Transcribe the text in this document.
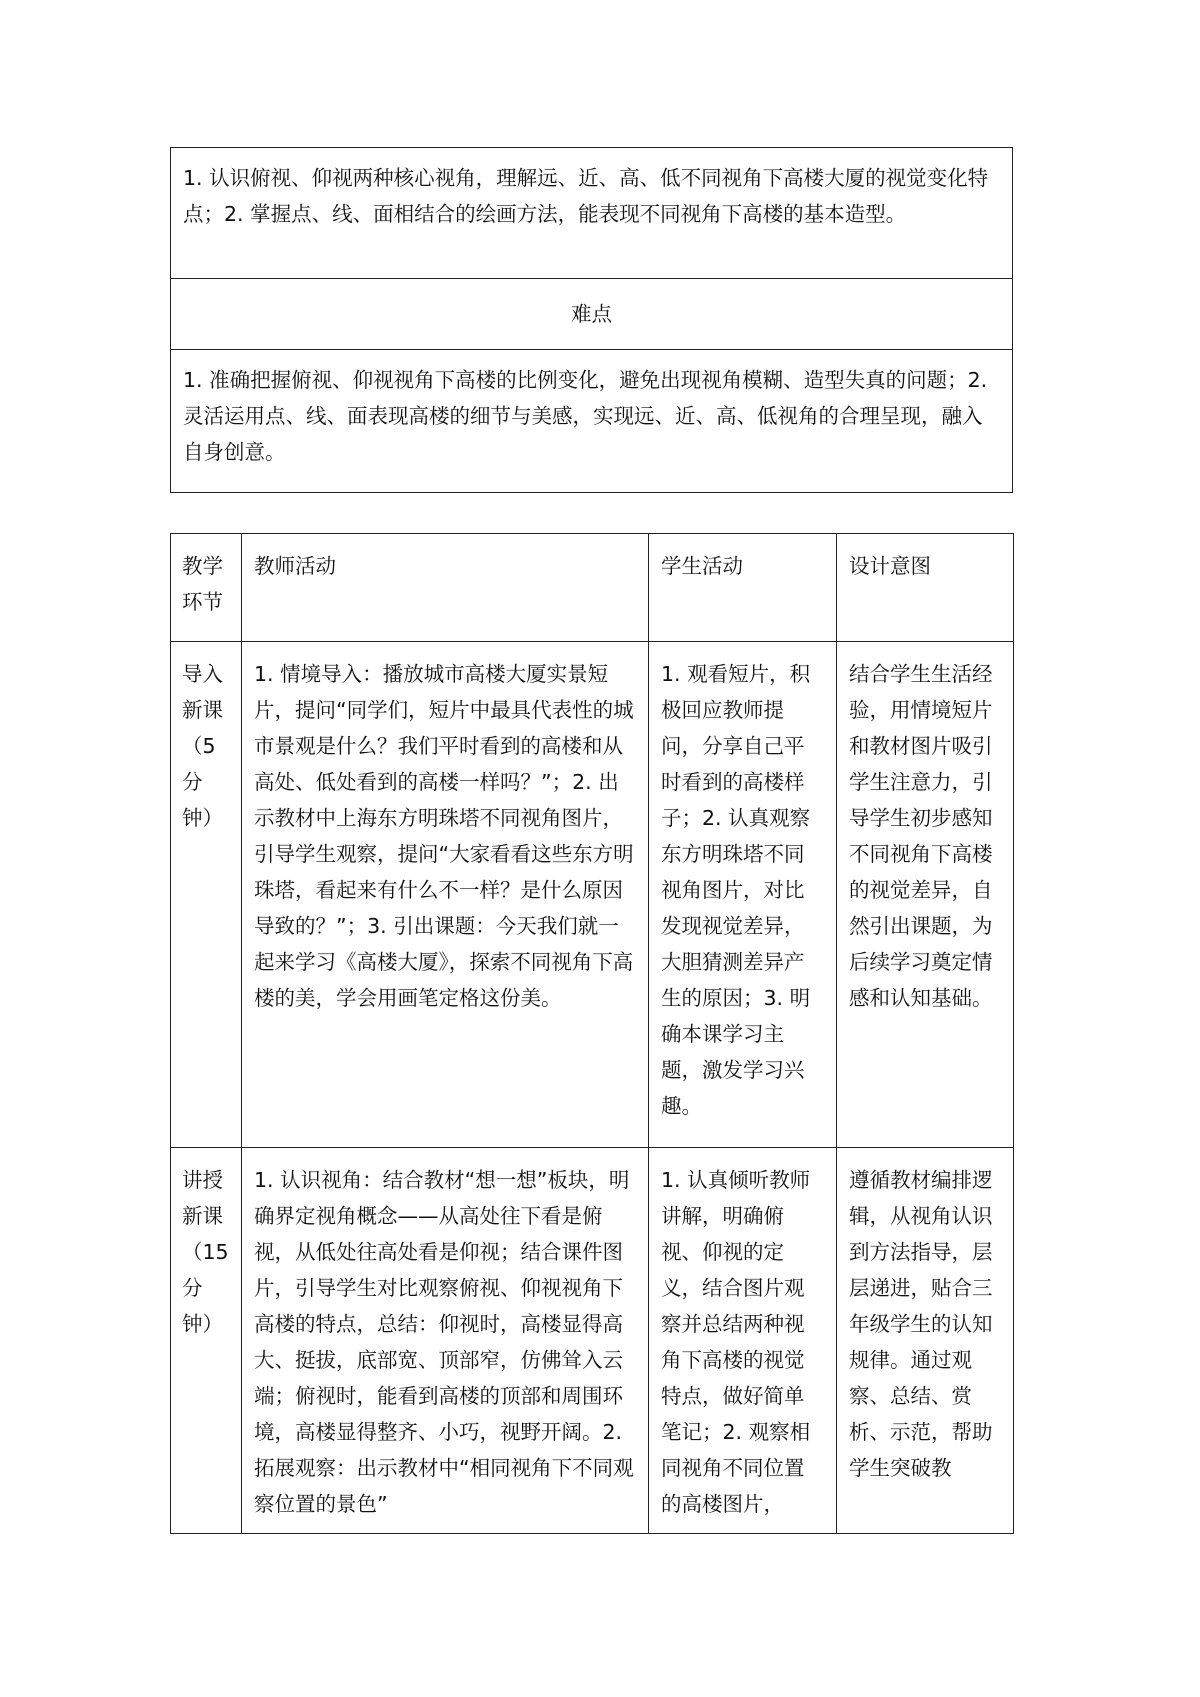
1. 认识俯视、仰视两种核心视角，理解远、近、高、低不同视角下高楼大厦的视觉变化特点；2. 掌握点、线、面相结合的绘画方法，能表现不同视角下高楼的基本造型。
难点
1. 准确把握俯视、仰视视角下高楼的比例变化，避免出现视角模糊、造型失真的问题；2. 灵活运用点、线、面表现高楼的细节与美感，实现远、近、高、低视角的合理呈现，融入自身创意。
教学环节	教师活动	学生活动	设计意图
导入新课（5分钟）	1. 情境导入：播放城市高楼大厦实景短片，提问“同学们，短片中最具代表性的城市景观是什么？我们平时看到的高楼和从高处、低处看到的高楼一样吗？”；2. 出示教材中上海东方明珠塔不同视角图片，引导学生观察，提问“大家看看这些东方明珠塔，看起来有什么不一样？是什么原因导致的？”；3. 引出课题：今天我们就一起来学习《高楼大厦》，探索不同视角下高楼的美，学会用画笔定格这份美。	1. 观看短片，积极回应教师提问，分享自己平时看到的高楼样子；2. 认真观察东方明珠塔不同视角图片，对比发现视觉差异，大胆猜测差异产生的原因；3. 明确本课学习主题，激发学习兴趣。	结合学生生活经验，用情境短片和教材图片吸引学生注意力，引导学生初步感知不同视角下高楼的视觉差异，自然引出课题，为后续学习奠定情感和认知基础。
讲授新课（15分钟）	1. 认识视角：结合教材“想一想”板块，明确界定视角概念——从高处往下看是俯视，从低处往高处看是仰视；结合课件图片，引导学生对比观察俯视、仰视视角下高楼的特点，总结：仰视时，高楼显得高大、挺拔，底部宽、顶部窄，仿佛耸入云端；俯视时，能看到高楼的顶部和周围环境，高楼显得整齐、小巧，视野开阔。2. 拓展观察：出示教材中“相同视角下不同观察位置的景色”	1. 认真倾听教师讲解，明确俯视、仰视的定义，结合图片观察并总结两种视角下高楼的视觉特点，做好简单笔记；2. 观察相同视角不同位置的高楼图片，	遵循教材编排逻辑，从视角认识到方法指导，层层递进，贴合三年级学生的认知规律。通过观察、总结、赏析、示范，帮助学生突破教
